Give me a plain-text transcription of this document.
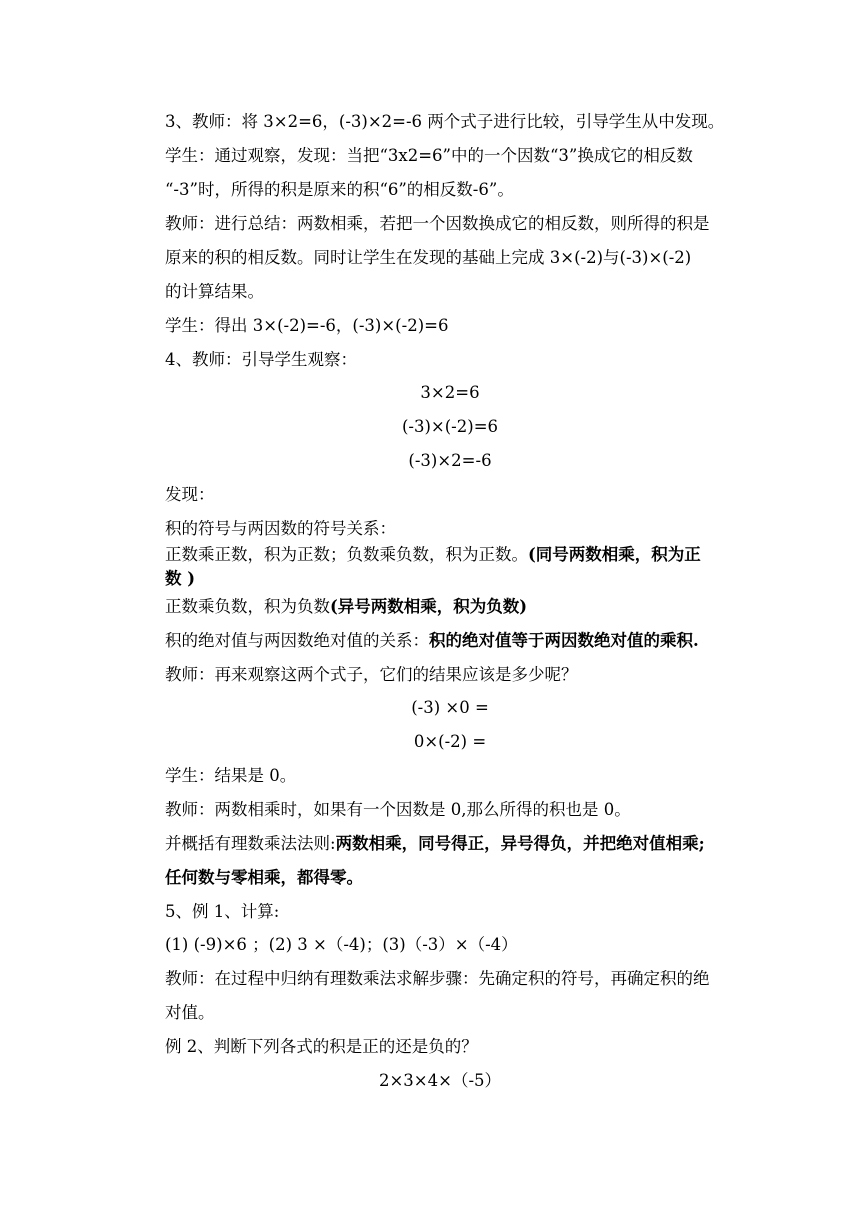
3、教师：将 3×2=6，(-3)×2=-6 两个式子进行比较，引导学生从中发现。
学生：通过观察，发现：当把“3x2=6”中的一个因数“3”换成它的相反数
“-3”时，所得的积是原来的积“6”的相反数-6”。
教师：进行总结：两数相乘，若把一个因数换成它的相反数，则所得的积是
原来的积的相反数。同时让学生在发现的基础上完成 3×(-2)与(-3)×(-2)
的计算结果。
学生：得出 3×(-2)=-6，(-3)×(-2)=6
4、教师：引导学生观察：
3×2=6
(-3)×(-2)=6
(-3)×2=-6
发现：
积的符号与两因数的符号关系：
正数乘正数，积为正数；负数乘负数，积为正数。(同号两数相乘，积为正
数 )
正数乘负数，积为负数(异号两数相乘，积为负数)
积的绝对值与两因数绝对值的关系：积的绝对值等于两因数绝对值的乘积.
教师：再来观察这两个式子，它们的结果应该是多少呢？
(-3) ×0 =
0×(-2) =
学生：结果是 0。
教师：两数相乘时，如果有一个因数是 0,那么所得的积也是 0。
并概括有理数乘法法则:两数相乘，同号得正，异号得负，并把绝对值相乘;
任何数与零相乘，都得零。
5、例 1、计算:
(1) (-9)×6 ；(2) 3 ×（-4)；(3)（-3）×（-4）
教师：在过程中归纳有理数乘法求解步骤：先确定积的符号，再确定积的绝
对值。
例 2、判断下列各式的积是正的还是负的？
2×3×4×（-5）
